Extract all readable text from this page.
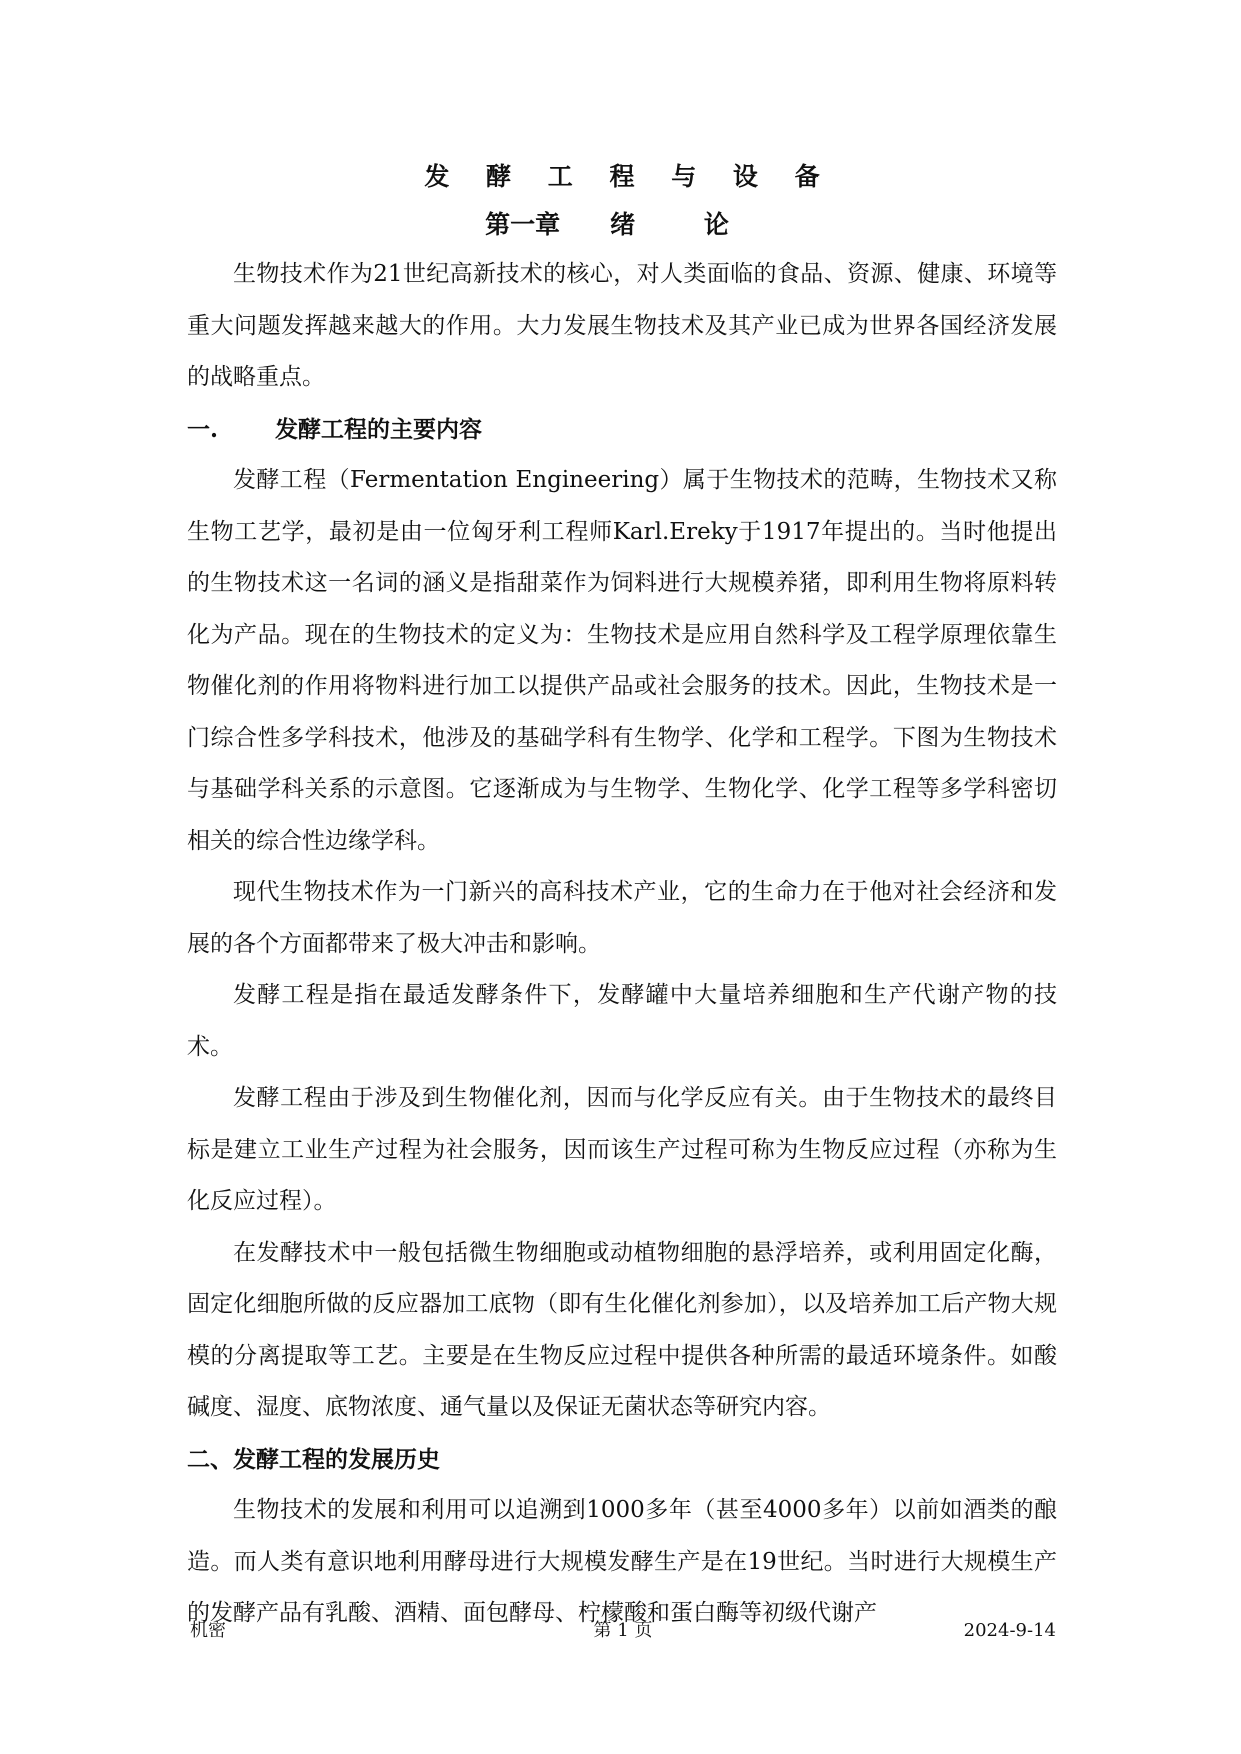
发 酵 工 程 与 设 备
第一章 绪 论

生物技术作为21世纪高新技术的核心，对人类面临的食品、资源、健康、环境等重大问题发挥越来越大的作用。大力发展生物技术及其产业已成为世界各国经济发展的战略重点。

一. 发酵工程的主要内容

发酵工程（Fermentation Engineering）属于生物技术的范畴，生物技术又称生物工艺学，最初是由一位匈牙利工程师Karl.Ereky于1917年提出的。当时他提出的生物技术这一名词的涵义是指甜菜作为饲料进行大规模养猪，即利用生物将原料转化为产品。现在的生物技术的定义为：生物技术是应用自然科学及工程学原理依靠生物催化剂的作用将物料进行加工以提供产品或社会服务的技术。因此，生物技术是一门综合性多学科技术，他涉及的基础学科有生物学、化学和工程学。下图为生物技术与基础学科关系的示意图。它逐渐成为与生物学、生物化学、化学工程等多学科密切相关的综合性边缘学科。

现代生物技术作为一门新兴的高科技术产业，它的生命力在于他对社会经济和发展的各个方面都带来了极大冲击和影响。

发酵工程是指在最适发酵条件下，发酵罐中大量培养细胞和生产代谢产物的技术。

发酵工程由于涉及到生物催化剂，因而与化学反应有关。由于生物技术的最终目标是建立工业生产过程为社会服务，因而该生产过程可称为生物反应过程（亦称为生化反应过程）。

在发酵技术中一般包括微生物细胞或动植物细胞的悬浮培养，或利用固定化酶，固定化细胞所做的反应器加工底物（即有生化催化剂参加），以及培养加工后产物大规模的分离提取等工艺。主要是在生物反应过程中提供各种所需的最适环境条件。如酸碱度、湿度、底物浓度、通气量以及保证无菌状态等研究内容。

二、发酵工程的发展历史

生物技术的发展和利用可以追溯到1000多年（甚至4000多年）以前如酒类的酿造。而人类有意识地利用酵母进行大规模发酵生产是在19世纪。当时进行大规模生产的发酵产品有乳酸、酒精、面包酵母、柠檬酸和蛋白酶等初级代谢产

机密	第 1 页	2024-9-14
